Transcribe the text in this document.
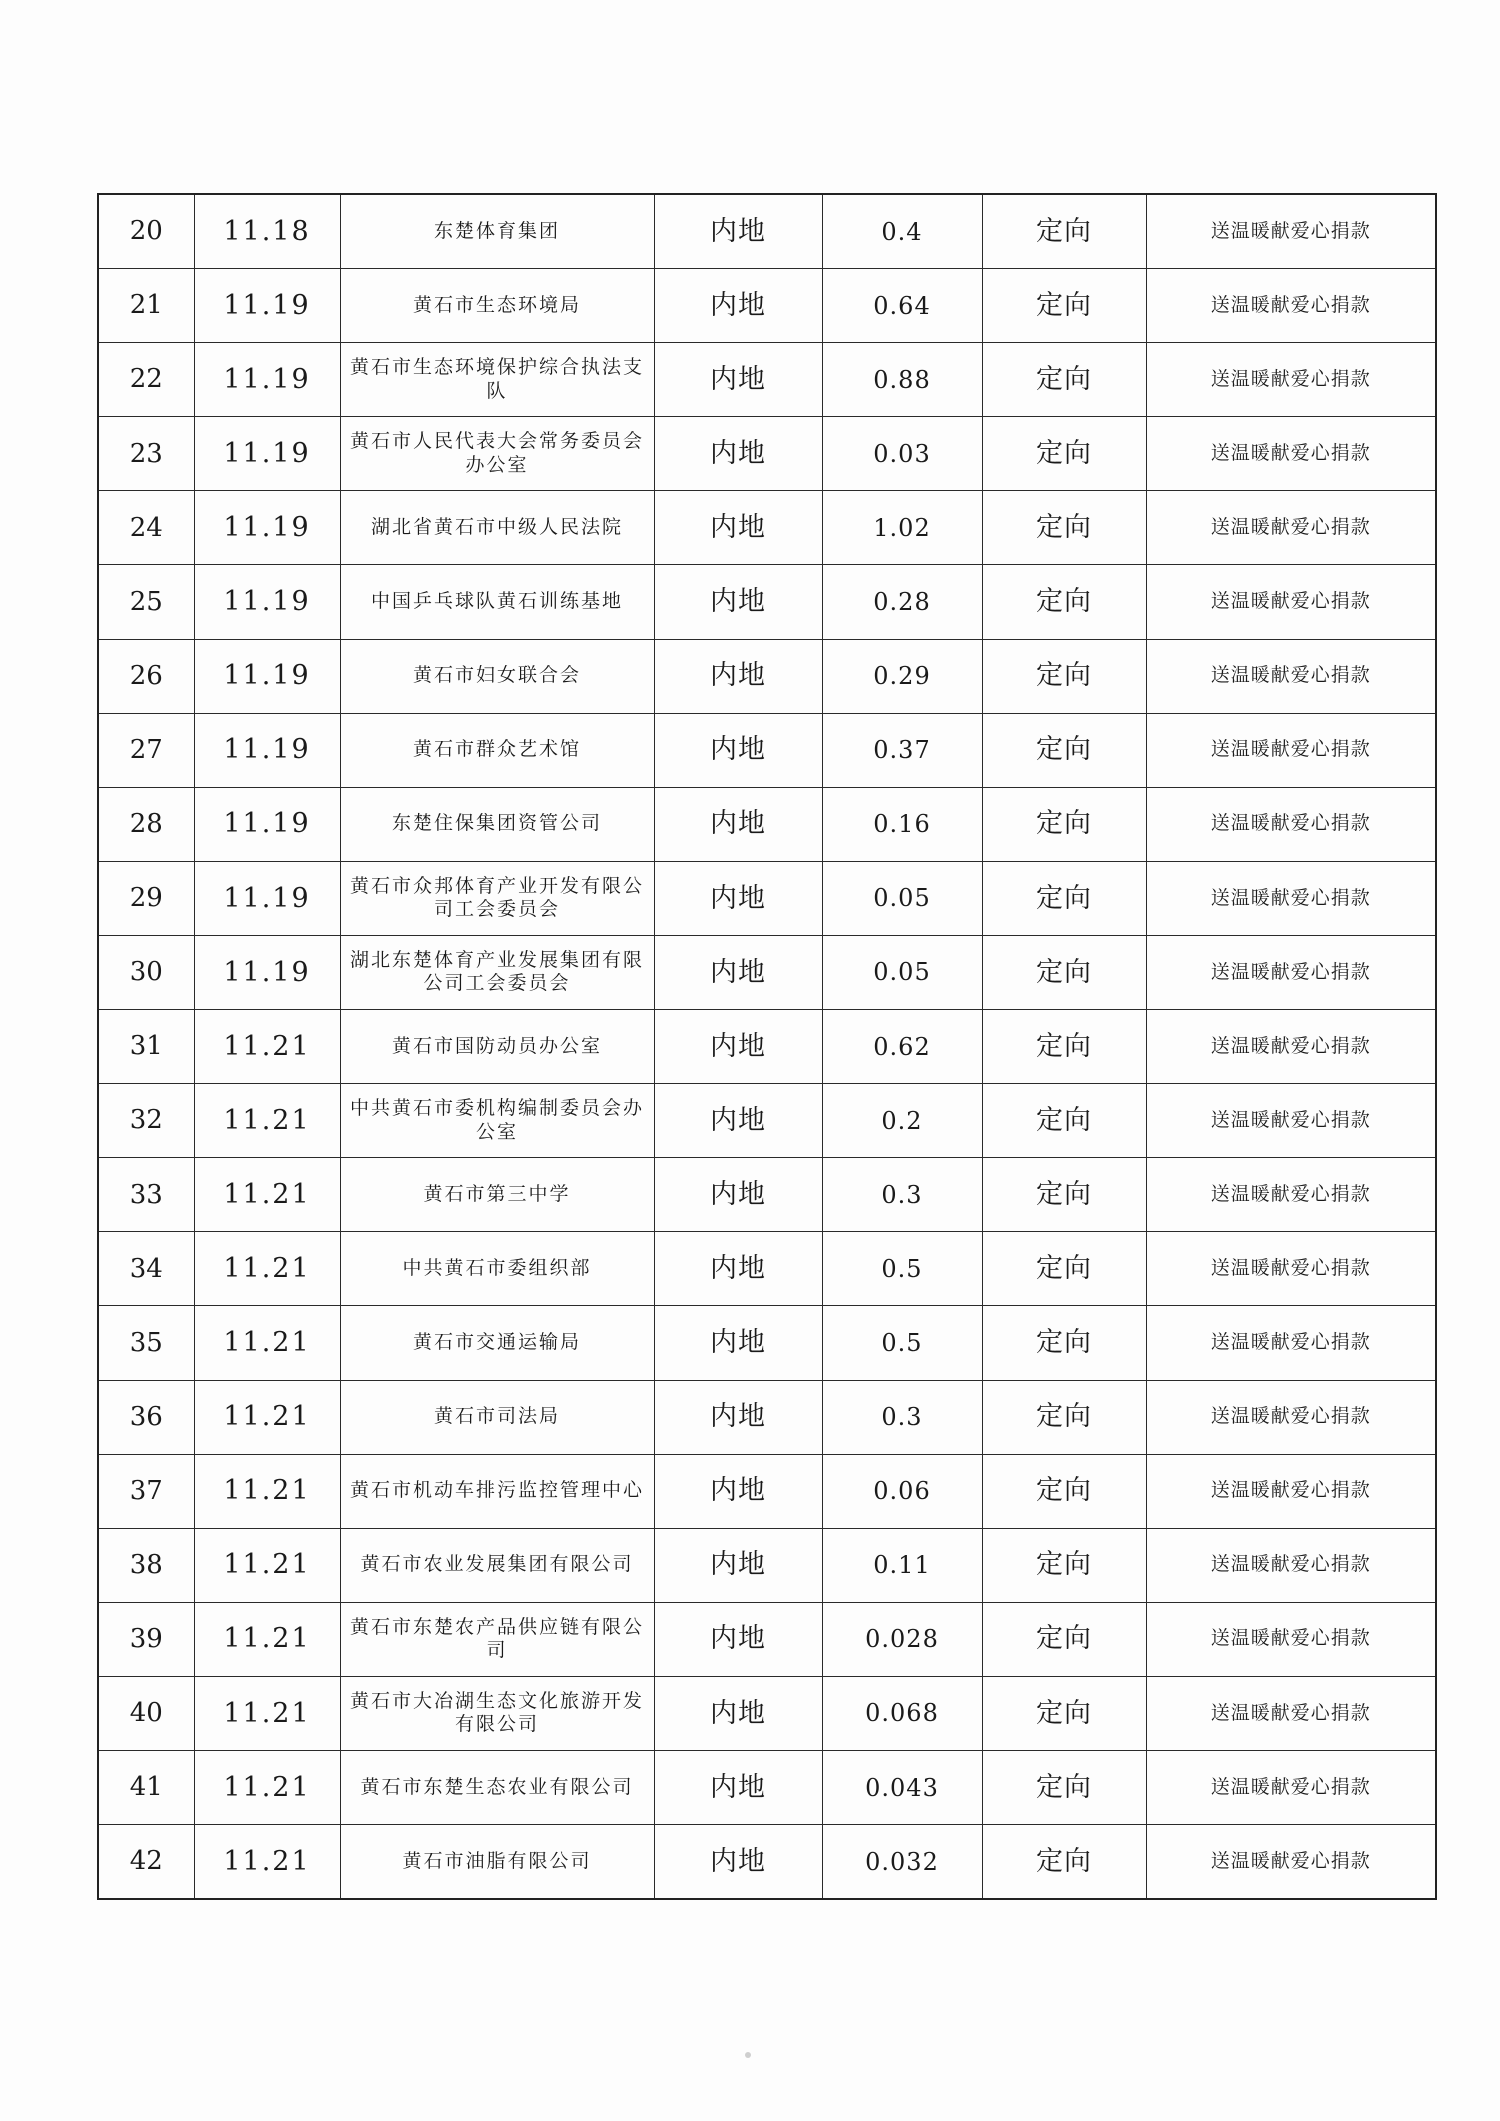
20	11.18	东楚体育集团	内地	0.4	定向	送温暖献爱心捐款
21	11.19	黄石市生态环境局	内地	0.64	定向	送温暖献爱心捐款
22	11.19	黄石市生态环境保护综合执法支队	内地	0.88	定向	送温暖献爱心捐款
23	11.19	黄石市人民代表大会常务委员会办公室	内地	0.03	定向	送温暖献爱心捐款
24	11.19	湖北省黄石市中级人民法院	内地	1.02	定向	送温暖献爱心捐款
25	11.19	中国乒乓球队黄石训练基地	内地	0.28	定向	送温暖献爱心捐款
26	11.19	黄石市妇女联合会	内地	0.29	定向	送温暖献爱心捐款
27	11.19	黄石市群众艺术馆	内地	0.37	定向	送温暖献爱心捐款
28	11.19	东楚住保集团资管公司	内地	0.16	定向	送温暖献爱心捐款
29	11.19	黄石市众邦体育产业开发有限公司工会委员会	内地	0.05	定向	送温暖献爱心捐款
30	11.19	湖北东楚体育产业发展集团有限公司工会委员会	内地	0.05	定向	送温暖献爱心捐款
31	11.21	黄石市国防动员办公室	内地	0.62	定向	送温暖献爱心捐款
32	11.21	中共黄石市委机构编制委员会办公室	内地	0.2	定向	送温暖献爱心捐款
33	11.21	黄石市第三中学	内地	0.3	定向	送温暖献爱心捐款
34	11.21	中共黄石市委组织部	内地	0.5	定向	送温暖献爱心捐款
35	11.21	黄石市交通运输局	内地	0.5	定向	送温暖献爱心捐款
36	11.21	黄石市司法局	内地	0.3	定向	送温暖献爱心捐款
37	11.21	黄石市机动车排污监控管理中心	内地	0.06	定向	送温暖献爱心捐款
38	11.21	黄石市农业发展集团有限公司	内地	0.11	定向	送温暖献爱心捐款
39	11.21	黄石市东楚农产品供应链有限公司	内地	0.028	定向	送温暖献爱心捐款
40	11.21	黄石市大冶湖生态文化旅游开发有限公司	内地	0.068	定向	送温暖献爱心捐款
41	11.21	黄石市东楚生态农业有限公司	内地	0.043	定向	送温暖献爱心捐款
42	11.21	黄石市油脂有限公司	内地	0.032	定向	送温暖献爱心捐款
